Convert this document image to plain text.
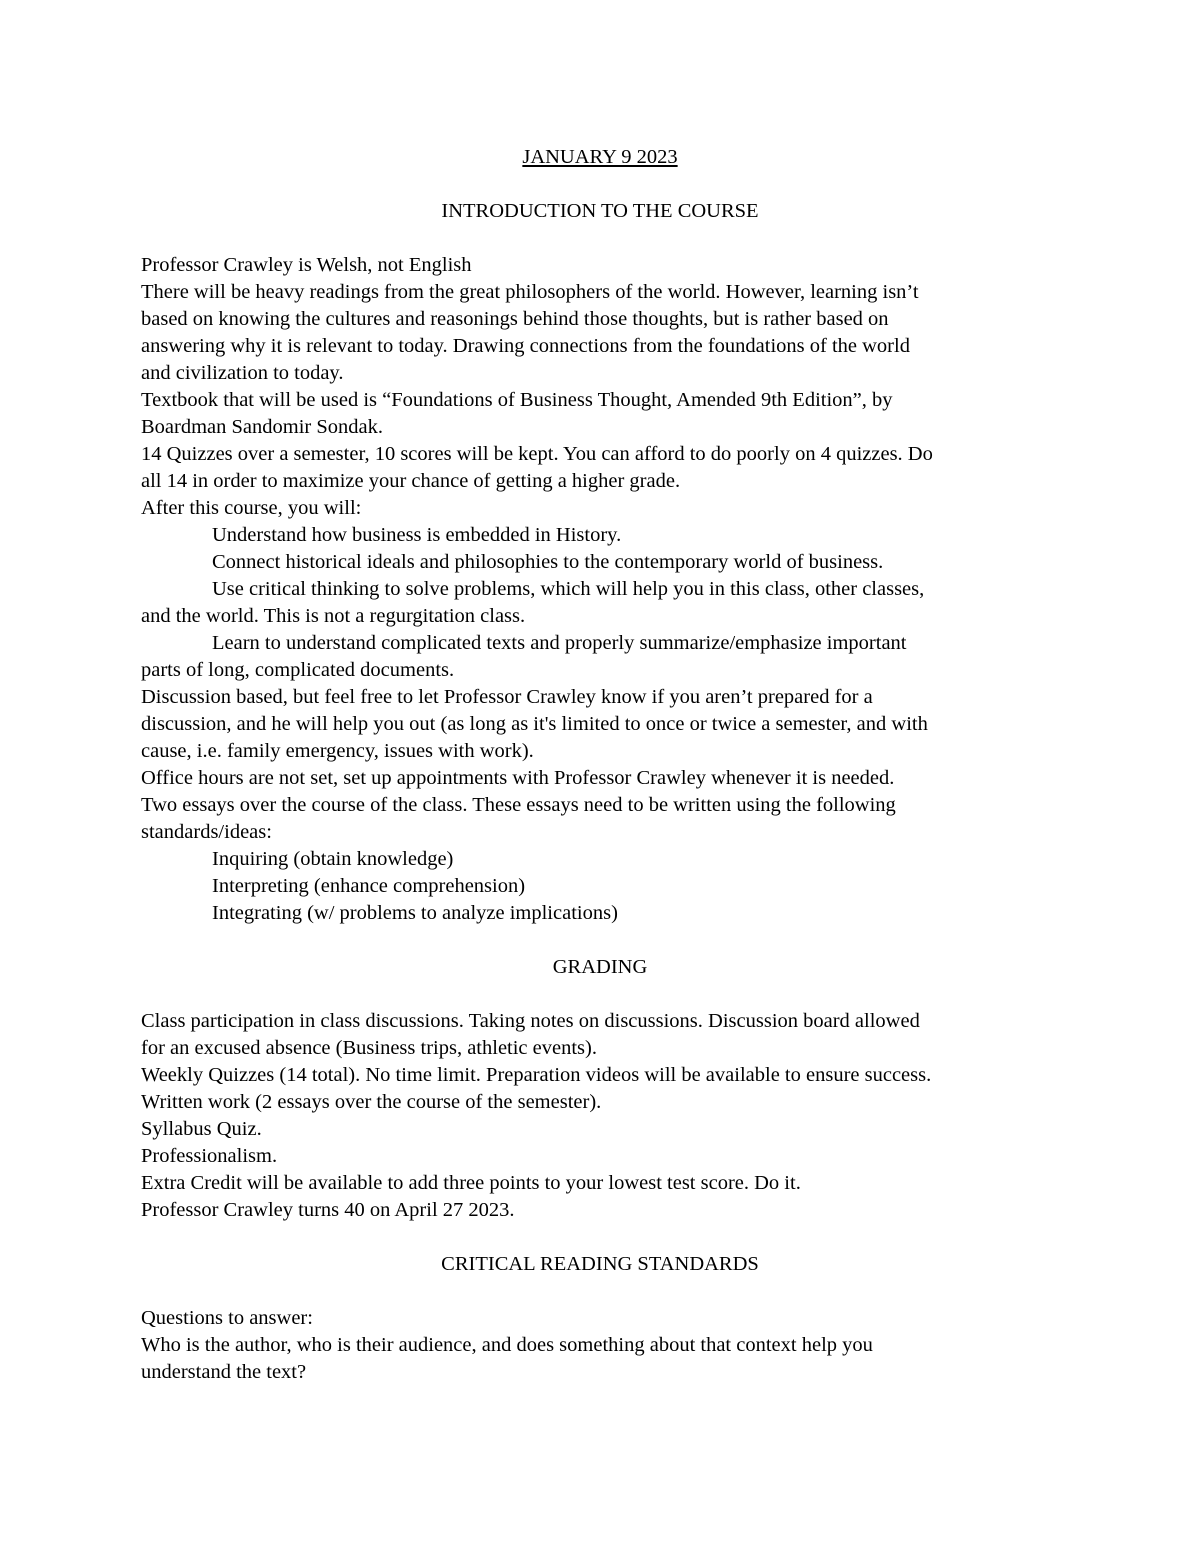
JANUARY 9 2023

INTRODUCTION TO THE COURSE

Professor Crawley is Welsh, not English

There will be heavy readings from the great philosophers of the world. However, learning isn’t

based on knowing the cultures and reasonings behind those thoughts, but is rather based on

answering why it is relevant to today. Drawing connections from the foundations of the world

and civilization to today.

Textbook that will be used is “Foundations of Business Thought, Amended 9th Edition”, by

Boardman Sandomir Sondak.

14 Quizzes over a semester, 10 scores will be kept. You can afford to do poorly on 4 quizzes. Do

all 14 in order to maximize your chance of getting a higher grade.

After this course, you will:

Understand how business is embedded in History.

Connect historical ideals and philosophies to the contemporary world of business.

Use critical thinking to solve problems, which will help you in this class, other classes,

and the world. This is not a regurgitation class.

Learn to understand complicated texts and properly summarize/emphasize important

parts of long, complicated documents.

Discussion based, but feel free to let Professor Crawley know if you aren’t prepared for a

discussion, and he will help you out (as long as it's limited to once or twice a semester, and with

cause, i.e. family emergency, issues with work).

Office hours are not set, set up appointments with Professor Crawley whenever it is needed.

Two essays over the course of the class. These essays need to be written using the following

standards/ideas:

Inquiring (obtain knowledge)

Interpreting (enhance comprehension)

Integrating (w/ problems to analyze implications)

GRADING

Class participation in class discussions. Taking notes on discussions. Discussion board allowed

for an excused absence (Business trips, athletic events).

Weekly Quizzes (14 total). No time limit. Preparation videos will be available to ensure success.

Written work (2 essays over the course of the semester).

Syllabus Quiz.

Professionalism.

Extra Credit will be available to add three points to your lowest test score. Do it.

Professor Crawley turns 40 on April 27 2023.

CRITICAL READING STANDARDS

Questions to answer:

Who is the author, who is their audience, and does something about that context help you

understand the text?
